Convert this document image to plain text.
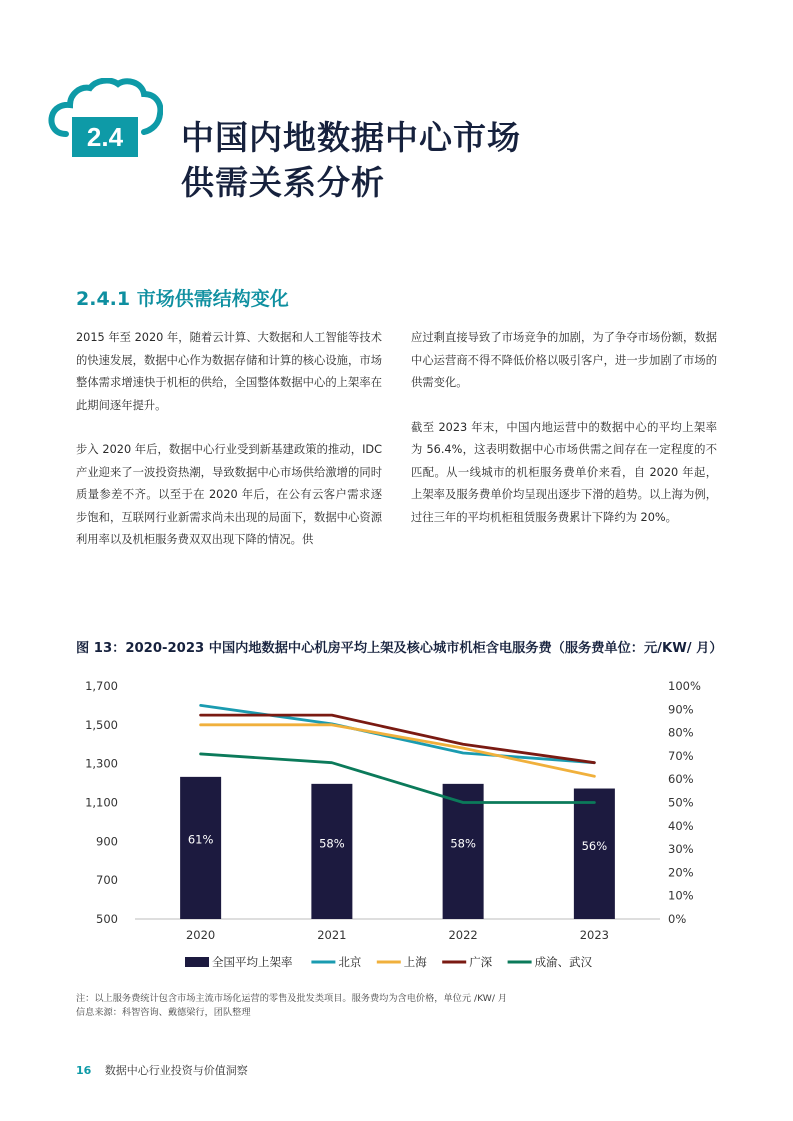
2.4	中国内地数据中心市场
供需关系分析
2.4.1 市场供需结构变化

2015 年至 2020 年，随着云计算、大数据和人工智能等技术的快速发展，数据中心作为数据存储和计算的核心设施，市场整体需求增速快于机柜的供给，全国整体数据中心的上架率在此期间逐年提升。

步入 2020 年后，数据中心行业受到新基建政策的推动，IDC 产业迎来了一波投资热潮，导致数据中心市场供给激增的同时质量参差不齐。以至于在 2020 年后，在公有云客户需求逐步饱和，互联网行业新需求尚未出现的局面下，数据中心资源利用率以及机柜服务费双双出现下降的情况。供

应过剩直接导致了市场竞争的加剧，为了争夺市场份额，数据中心运营商不得不降低价格以吸引客户，进一步加剧了市场的供需变化。

截至 2023 年末，中国内地运营中的数据中心的平均上架率为 56.4%，这表明数据中心市场供需之间存在一定程度的不匹配。从一线城市的机柜服务费单价来看，自 2020 年起，上架率及服务费单价均呈现出逐步下滑的趋势。以上海为例，过往三年的平均机柜租赁服务费累计下降约为 20%。

图 13：2020-2023 中国内地数据中心机房平均上架及核心城市机柜含电服务费（服务费单位：元/KW/ 月）
500
700
900
1,100
1,300
1,500
1,700
0%
10%
20%
30%
40%
50%
60%
70%
80%
90%
100%
61%	58%	58%	56%
2020	2021	2022	2023
全国平均上架率	北京	上海	广深	成渝、武汉

注：以上服务费统计包含市场主流市场化运营的零售及批发类项目。服务费均为含电价格，单位元 /KW/ 月

信息来源：科智咨询、戴德梁行，团队整理

16 数据中心行业投资与价值洞察
